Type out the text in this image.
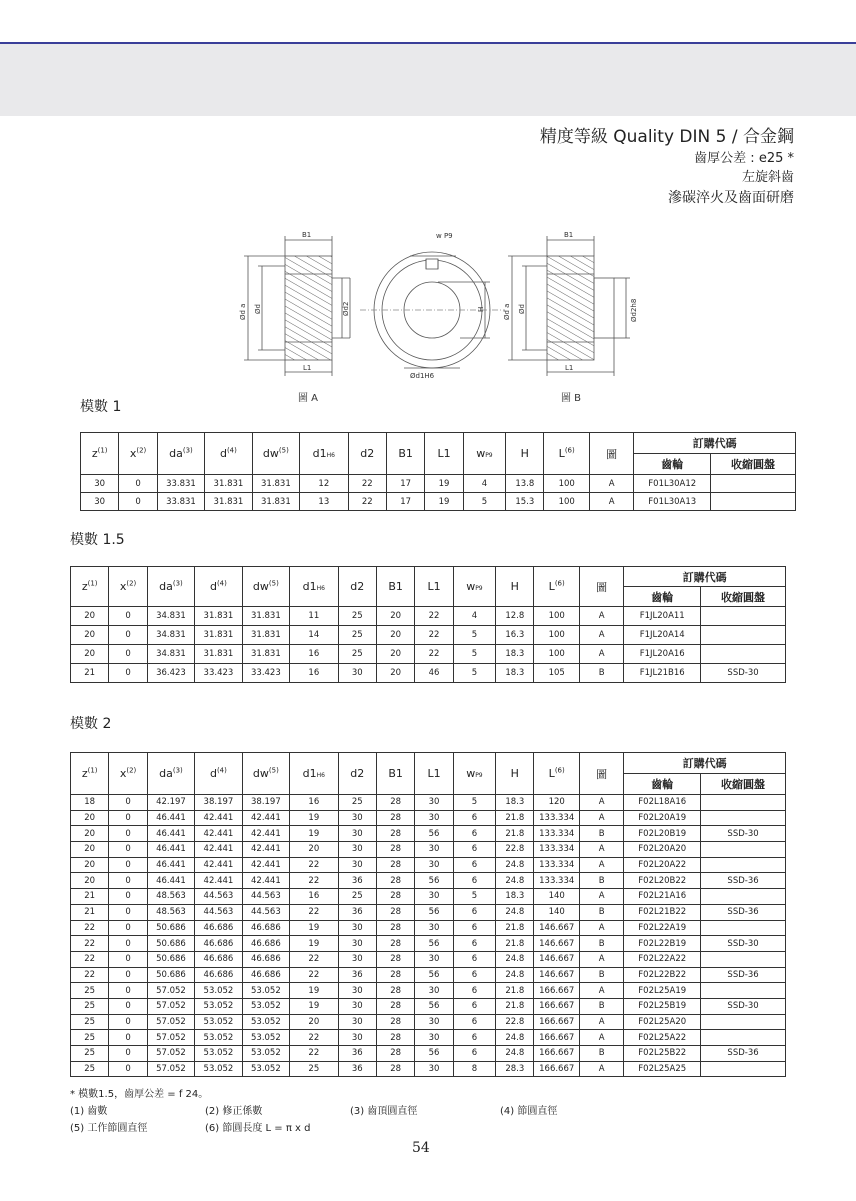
精度等級 Quality DIN 5 / 合金鋼
齒厚公差 : e25 *
左旋斜齒
滲碳淬火及齒面研磨
B1
L1
Ød a Ød	Ød2
w P9
H
Ød1H6
B1
L1
Ød a Ød	Ød2h8
圖 A	圖 B
模數 1
$z^{(1)}$	$x^{(2)}$	$da^{(3)}$	$d^{(4)}$	$dw^{(5)}$	d1H6	d2	B1	L1	wP9	H	$L^{(6)}$	圖	訂購代碼	
													齒輪	收縮圓盤
30	0	33.831	31.831	31.831	12	22	17	19	4	13.8	100	A	F01L30A12	
30	0	33.831	31.831	31.831	13	22	17	19	5	15.3	100	A	F01L30A13	
模數 1.5
$z^{(1)}$	$x^{(2)}$	$da^{(3)}$	$d^{(4)}$	$dw^{(5)}$	d1H6	d2	B1	L1	wP9	H	$L^{(6)}$	圖	訂購代碼	
													齒輪	收縮圓盤
20	0	34.831	31.831	31.831	11	25	20	22	4	12.8	100	A	F1JL20A11	
20	0	34.831	31.831	31.831	14	25	20	22	5	16.3	100	A	F1JL20A14	
20	0	34.831	31.831	31.831	16	25	20	22	5	18.3	100	A	F1JL20A16	
21	0	36.423	33.423	33.423	16	30	20	46	5	18.3	105	B	F1JL21B16	SSD-30
模數 2
$z^{(1)}$	$x^{(2)}$	$da^{(3)}$	$d^{(4)}$	$dw^{(5)}$	d1H6	d2	B1	L1	wP9	H	$L^{(6)}$	圖	訂購代碼	
													齒輪	收縮圓盤
18	0	42.197	38.197	38.197	16	25	28	30	5	18.3	120	A	F02L18A16	
20	0	46.441	42.441	42.441	19	30	28	30	6	21.8	133.334	A	F02L20A19	
20	0	46.441	42.441	42.441	19	30	28	56	6	21.8	133.334	B	F02L20B19	SSD-30
20	0	46.441	42.441	42.441	20	30	28	30	6	22.8	133.334	A	F02L20A20	
20	0	46.441	42.441	42.441	22	30	28	30	6	24.8	133.334	A	F02L20A22	
20	0	46.441	42.441	42.441	22	36	28	56	6	24.8	133.334	B	F02L20B22	SSD-36
21	0	48.563	44.563	44.563	16	25	28	30	5	18.3	140	A	F02L21A16	
21	0	48.563	44.563	44.563	22	36	28	56	6	24.8	140	B	F02L21B22	SSD-36
22	0	50.686	46.686	46.686	19	30	28	30	6	21.8	146.667	A	F02L22A19	
22	0	50.686	46.686	46.686	19	30	28	56	6	21.8	146.667	B	F02L22B19	SSD-30
22	0	50.686	46.686	46.686	22	30	28	30	6	24.8	146.667	A	F02L22A22	
22	0	50.686	46.686	46.686	22	36	28	56	6	24.8	146.667	B	F02L22B22	SSD-36
25	0	57.052	53.052	53.052	19	30	28	30	6	21.8	166.667	A	F02L25A19	
25	0	57.052	53.052	53.052	19	30	28	56	6	21.8	166.667	B	F02L25B19	SSD-30
25	0	57.052	53.052	53.052	20	30	28	30	6	22.8	166.667	A	F02L25A20	
25	0	57.052	53.052	53.052	22	30	28	30	6	24.8	166.667	A	F02L25A22	
25	0	57.052	53.052	53.052	22	36	28	56	6	24.8	166.667	B	F02L25B22	SSD-36
25	0	57.052	53.052	53.052	25	36	28	30	8	28.3	166.667	A	F02L25A25	
* 模數1.5，齒厚公差 = f 24。
(1) 齒數	(2) 修正係數	(3) 齒頂圓直徑	(4) 節圓直徑
(5) 工作節圓直徑	(6) 節圓長度 L = π x d
54
